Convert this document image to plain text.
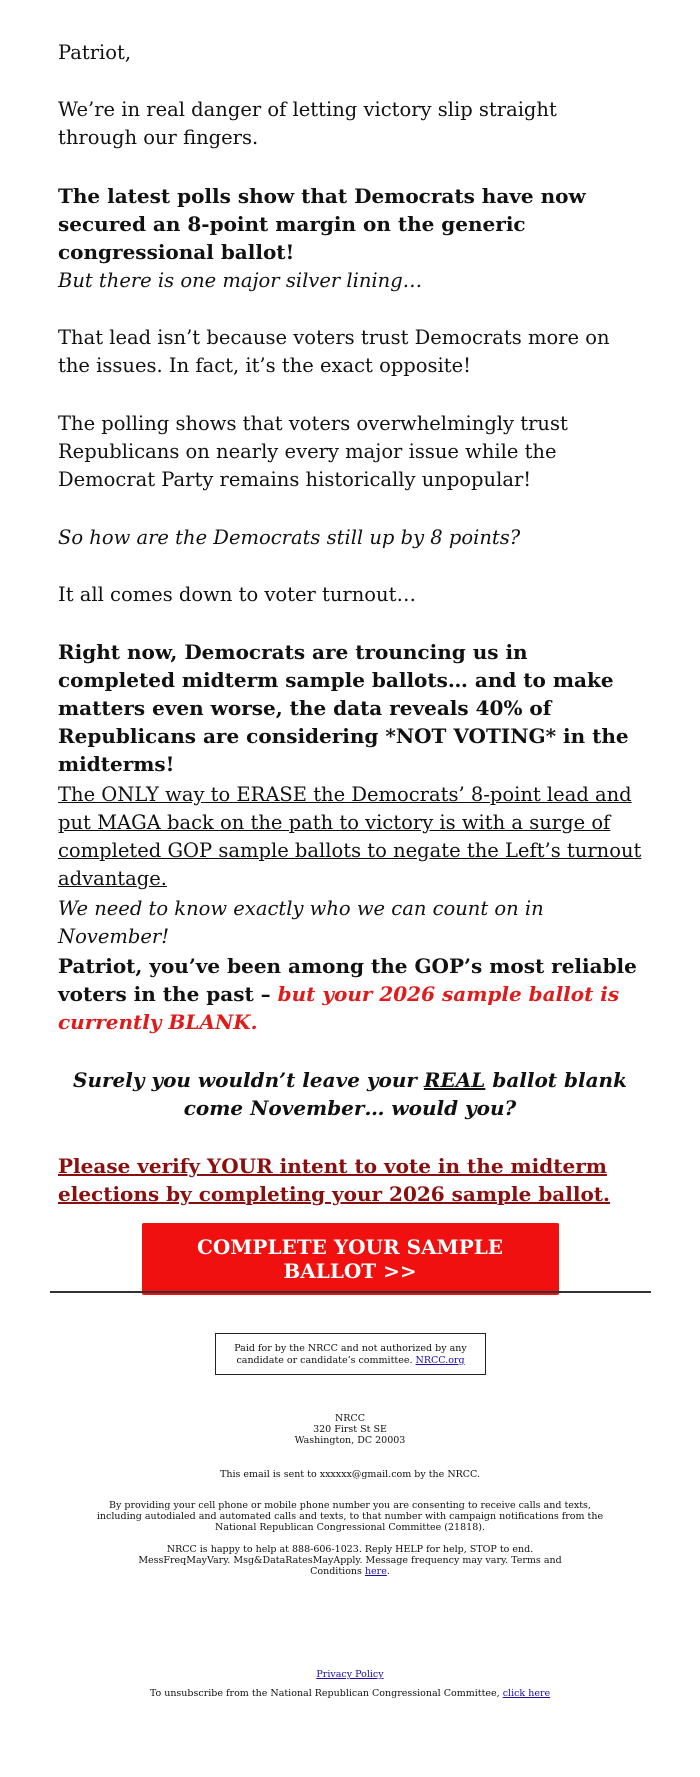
Patriot,

We’re in real danger of letting victory slip straight through our fingers.

The latest polls show that Democrats have now secured an 8-point margin on the generic congressional ballot!

But there is one major silver lining…

That lead isn’t because voters trust Democrats more on the issues. In fact, it’s the exact opposite!

The polling shows that voters overwhelmingly trust Republicans on nearly every major issue while the Democrat Party remains historically unpopular!

So how are the Democrats still up by 8 points?

It all comes down to voter turnout…

Right now, Democrats are trouncing us in completed midterm sample ballots… and to make matters even worse, the data reveals 40% of Republicans are considering *NOT VOTING* in the midterms!

The ONLY way to ERASE the Democrats’ 8-point lead and put MAGA back on the path to victory is with a surge of completed GOP sample ballots to negate the Left’s turnout advantage.

We need to know exactly who we can count on in November!

Patriot, you’ve been among the GOP’s most reliable voters in the past – but your 2026 sample ballot is currently BLANK.

Surely you wouldn’t leave your REAL ballot blank come November… would you?

Please verify YOUR intent to vote in the midterm elections by completing your 2026 sample ballot.

COMPLETE YOUR SAMPLE BALLOT >>
Paid for by the NRCC and not authorized by any candidate or candidate’s committee. NRCC.org
NRCC
320 First St SE
Washington, DC 20003
This email is sent to xxxxxx@gmail.com by the NRCC.
By providing your cell phone or mobile phone number you are consenting to receive calls and texts, including autodialed and automated calls and texts, to that number with campaign notifications from the National Republican Congressional Committee (21818).
NRCC is happy to help at 888-606-1023. Reply HELP for help, STOP to end. MessFreqMayVary. Msg&DataRatesMayApply. Message frequency may vary. Terms and Conditions here.
Privacy Policy
To unsubscribe from the National Republican Congressional Committee, click here
